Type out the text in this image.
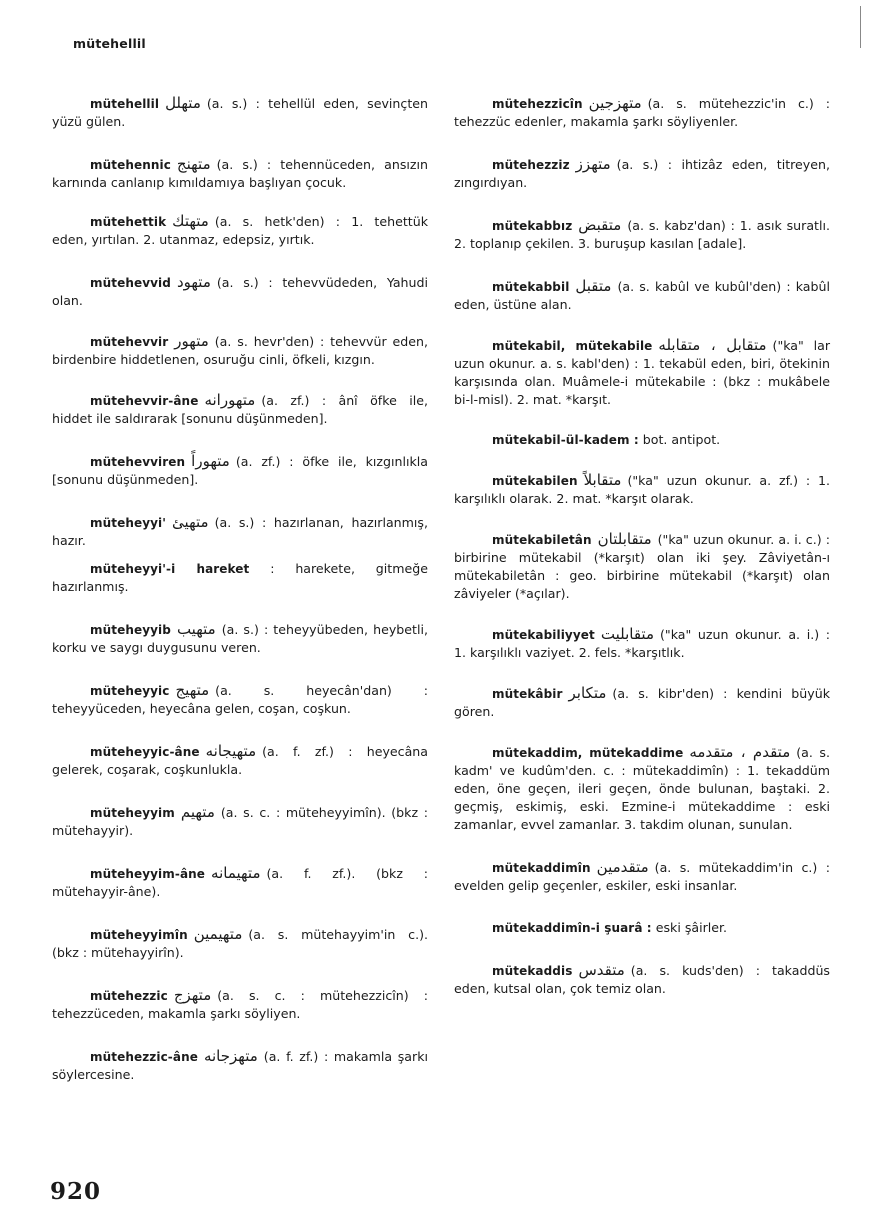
mütehellil

mütehellil متهلل (a. s.) : tehellül eden, sevinçten yüzü gülen.

mütehennic متهنج (a. s.) : tehennüceden, ansızın karnında canlanıp kımıldamıya başlıyan çocuk.

mütehettik متهتك (a. s. hetk'den) : 1. tehettük eden, yırtılan. 2. utanmaz, edepsiz, yırtık.

mütehevvid متهود (a. s.) : tehevvüdeden, Yahudi olan.

mütehevvir متهور (a. s. hevr'den) : tehevvür eden, birdenbire hiddetlenen, osuruğu cinli, öfkeli, kızgın.

mütehevvir-âne متهورانه (a. zf.) : ânî öfke ile, hiddet ile saldırarak [sonunu düşünmeden].

mütehevviren متهوراً (a. zf.) : öfke ile, kızgınlıkla [sonunu düşünmeden].

müteheyyi' متهيئ (a. s.) : hazırlanan, hazırlanmış, hazır.

müteheyyi'-i hareket : harekete, gitmeğe hazırlanmış.

müteheyyib متهيب (a. s.) : teheyyübeden, heybetli, korku ve saygı duygusunu veren.

müteheyyic متهيج (a. s. heyecân'dan) : teheyyüceden, heyecâna gelen, coşan, coşkun.

müteheyyic-âne متهيجانه (a. f. zf.) : heyecâna gelerek, coşarak, coşkunlukla.

müteheyyim متهيم (a. s. c. : müteheyyimîn). (bkz : mütehayyir).

müteheyyim-âne متهيمانه (a. f. zf.). (bkz : mütehayyir-âne).

müteheyyimîn متهيمين (a. s. mütehayyim'in c.). (bkz : mütehayyirîn).

mütehezzic متهزج (a. s. c. : mütehezzicîn) : tehezzüceden, makamla şarkı söyliyen.

mütehezzic-âne متهزجانه (a. f. zf.) : makamla şarkı söylercesine.

mütehezzicîn متهزجين (a. s. mütehezzic'in c.) : tehezzüc edenler, makamla şarkı söyliyenler.

mütehezziz متهزز (a. s.) : ihtizâz eden, titreyen, zıngırdıyan.

mütekabbız متقبض (a. s. kabz'dan) : 1. asık suratlı. 2. toplanıp çekilen. 3. buruşup kasılan [adale].

mütekabbil متقبل (a. s. kabûl ve kubûl'den) : kabûl eden, üstüne alan.

mütekabil, mütekabile متقابل ، متقابله ("ka" lar uzun okunur. a. s. kabl'den) : 1. tekabül eden, biri, ötekinin karşısında olan. Muâmele-i mütekabile : (bkz : mukâbele bi-l-misl). 2. mat. *karşıt.

mütekabil-ül-kadem : bot. antipot.

mütekabilen متقابلاً ("ka" uzun okunur. a. zf.) : 1. karşılıklı olarak. 2. mat. *karşıt olarak.

mütekabiletân متقابلتان ("ka" uzun okunur. a. i. c.) : birbirine mütekabil (*karşıt) olan iki şey. Zâviyetân-ı mütekabiletân : geo. birbirine mütekabil (*karşıt) olan zâviyeler (*açılar).

mütekabiliyyet متقابليت ("ka" uzun okunur. a. i.) : 1. karşılıklı vaziyet. 2. fels. *karşıtlık.

mütekâbir متكابر (a. s. kibr'den) : kendini büyük gören.

mütekaddim, mütekaddime متقدم ، متقدمه (a. s. kadm' ve kudûm'den. c. : mütekaddimîn) : 1. tekaddüm eden, öne geçen, ileri geçen, önde bulunan, baştaki. 2. geçmiş, eskimiş, eski. Ezmine-i mütekaddime : eski zamanlar, evvel zamanlar. 3. takdim olunan, sunulan.

mütekaddimîn متقدمين (a. s. mütekaddim'in c.) : evelden gelip geçenler, eskiler, eski insanlar.

mütekaddimîn-i şuarâ : eski şâirler.

mütekaddis متقدس (a. s. kuds'den) : takaddüs eden, kutsal olan, çok temiz olan.

920
